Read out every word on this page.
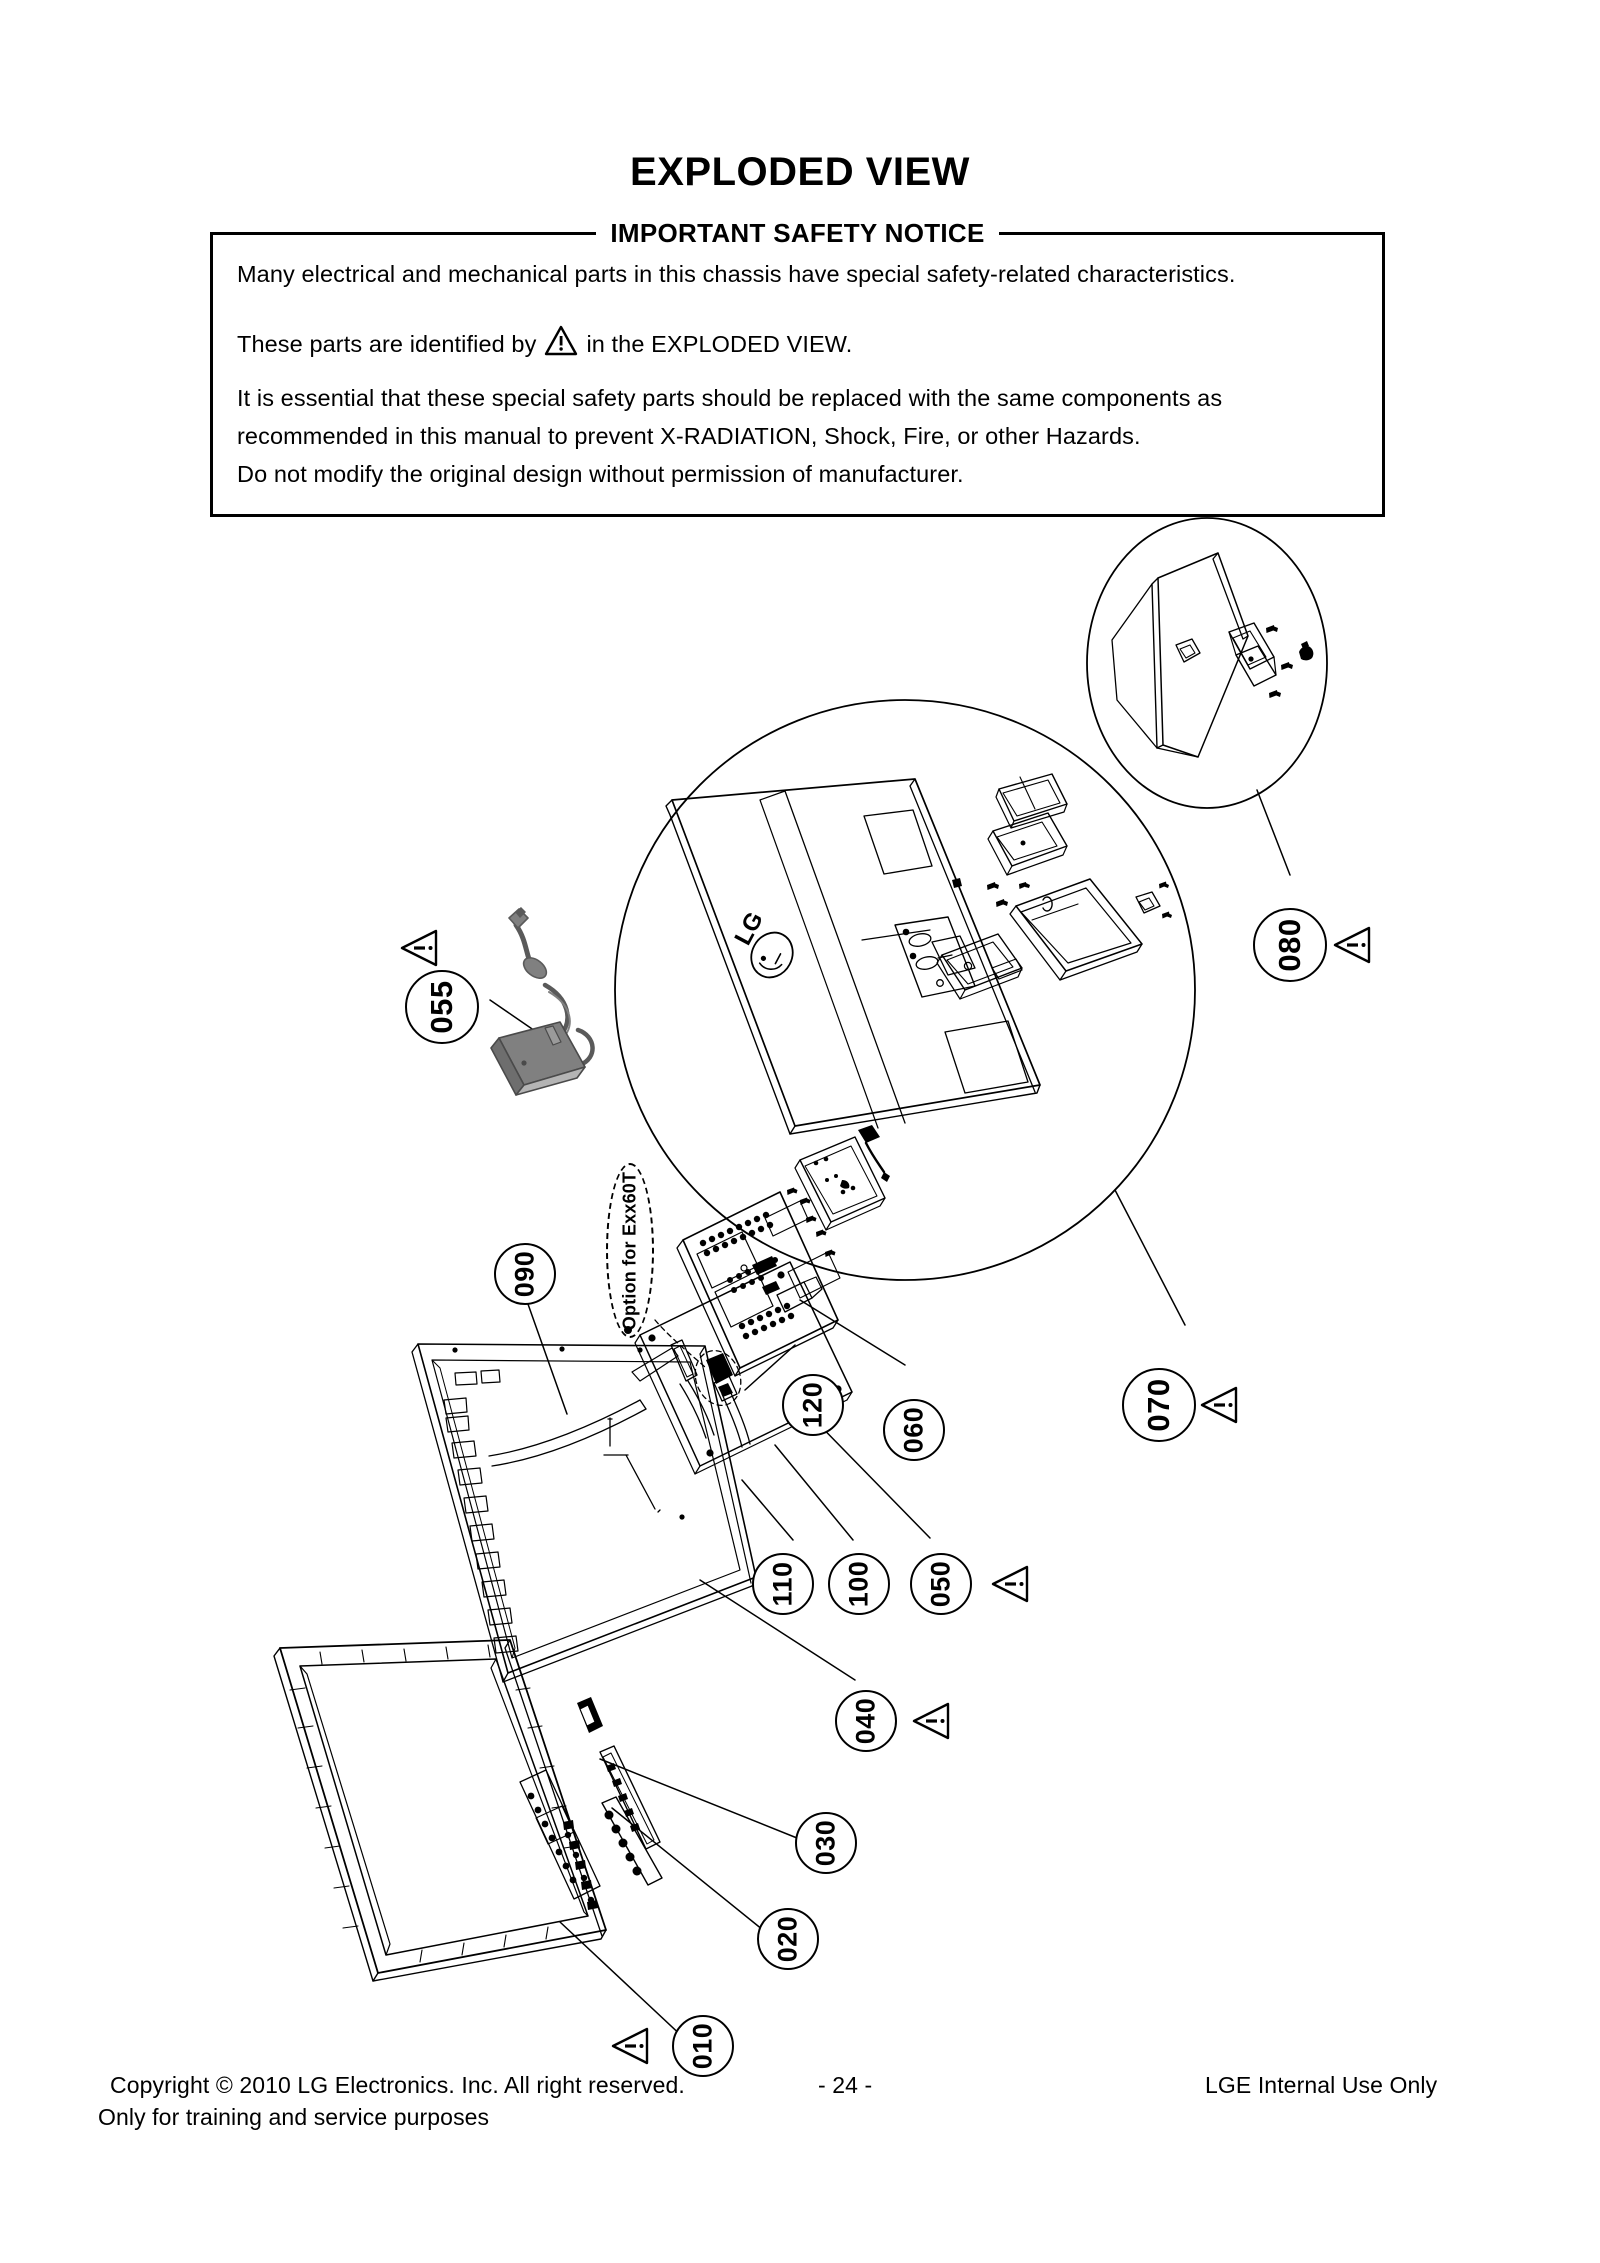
EXPLODED VIEW
Many electrical and mechanical parts in this chassis have special safety-related characteristics.
These parts are identified by in the EXPLODED VIEW.
It is essential that these special safety parts should be replaced with the same components as
recommended in this manual to prevent X-RADIATION, Shock, Fire, or other Hazards.
Do not modify the original design without permission of manufacturer.
IMPORTANT SAFETY NOTICE
LG
Option for Exx60T
080
070
055
090
120
060
110 100 050
040
030
020
010
Copyright © 2010 LG Electronics. Inc. All right reserved.	- 24 -	LGE Internal Use Only
Only for training and service purposes
